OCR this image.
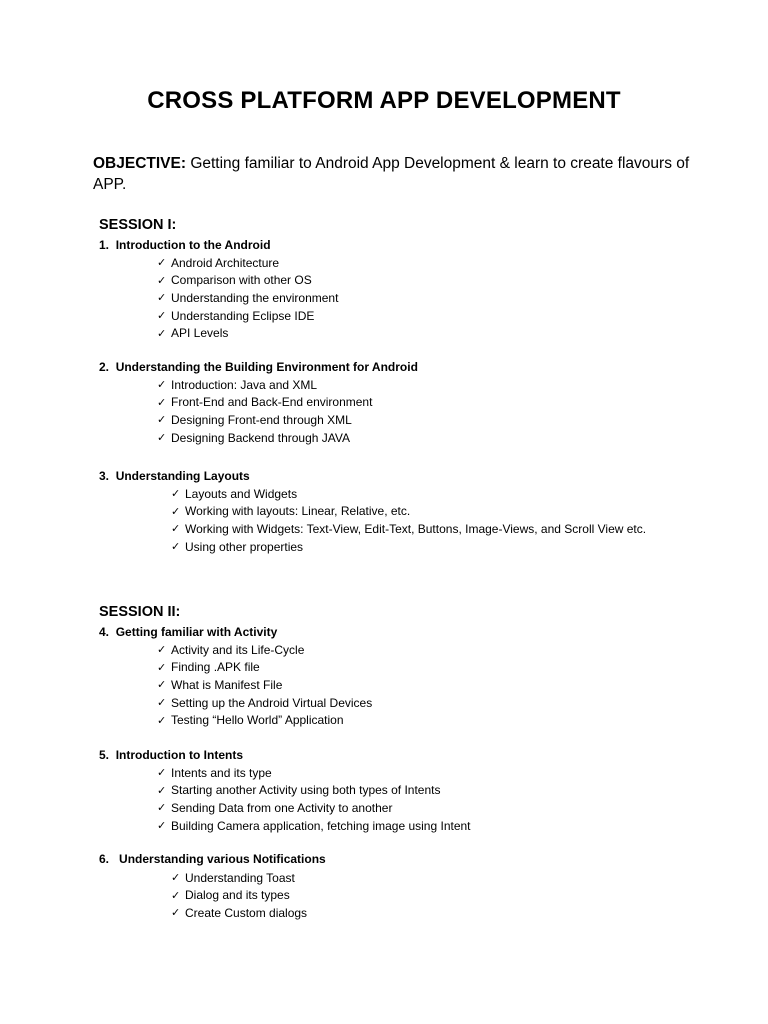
CROSS PLATFORM APP DEVELOPMENT

OBJECTIVE: Getting familiar to Android App Development & learn to create flavours of APP.

SESSION I:
1. Introduction to the Android
✓ Android Architecture
✓ Comparison with other OS
✓ Understanding the environment
✓ Understanding Eclipse IDE
✓ API Levels
2. Understanding the Building Environment for Android
✓ Introduction: Java and XML
✓ Front-End and Back-End environment
✓ Designing Front-end through XML
✓ Designing Backend through JAVA
3. Understanding Layouts
✓ Layouts and Widgets
✓ Working with layouts: Linear, Relative, etc.
✓ Working with Widgets: Text-View, Edit-Text, Buttons, Image-Views, and Scroll View etc.
✓ Using other properties
SESSION II:
4. Getting familiar with Activity
✓ Activity and its Life-Cycle
✓ Finding .APK file
✓ What is Manifest File
✓ Setting up the Android Virtual Devices
✓ Testing “Hello World” Application
5. Introduction to Intents
✓ Intents and its type
✓ Starting another Activity using both types of Intents
✓ Sending Data from one Activity to another
✓ Building Camera application, fetching image using Intent
6. Understanding various Notifications
✓ Understanding Toast
✓ Dialog and its types
✓ Create Custom dialogs
